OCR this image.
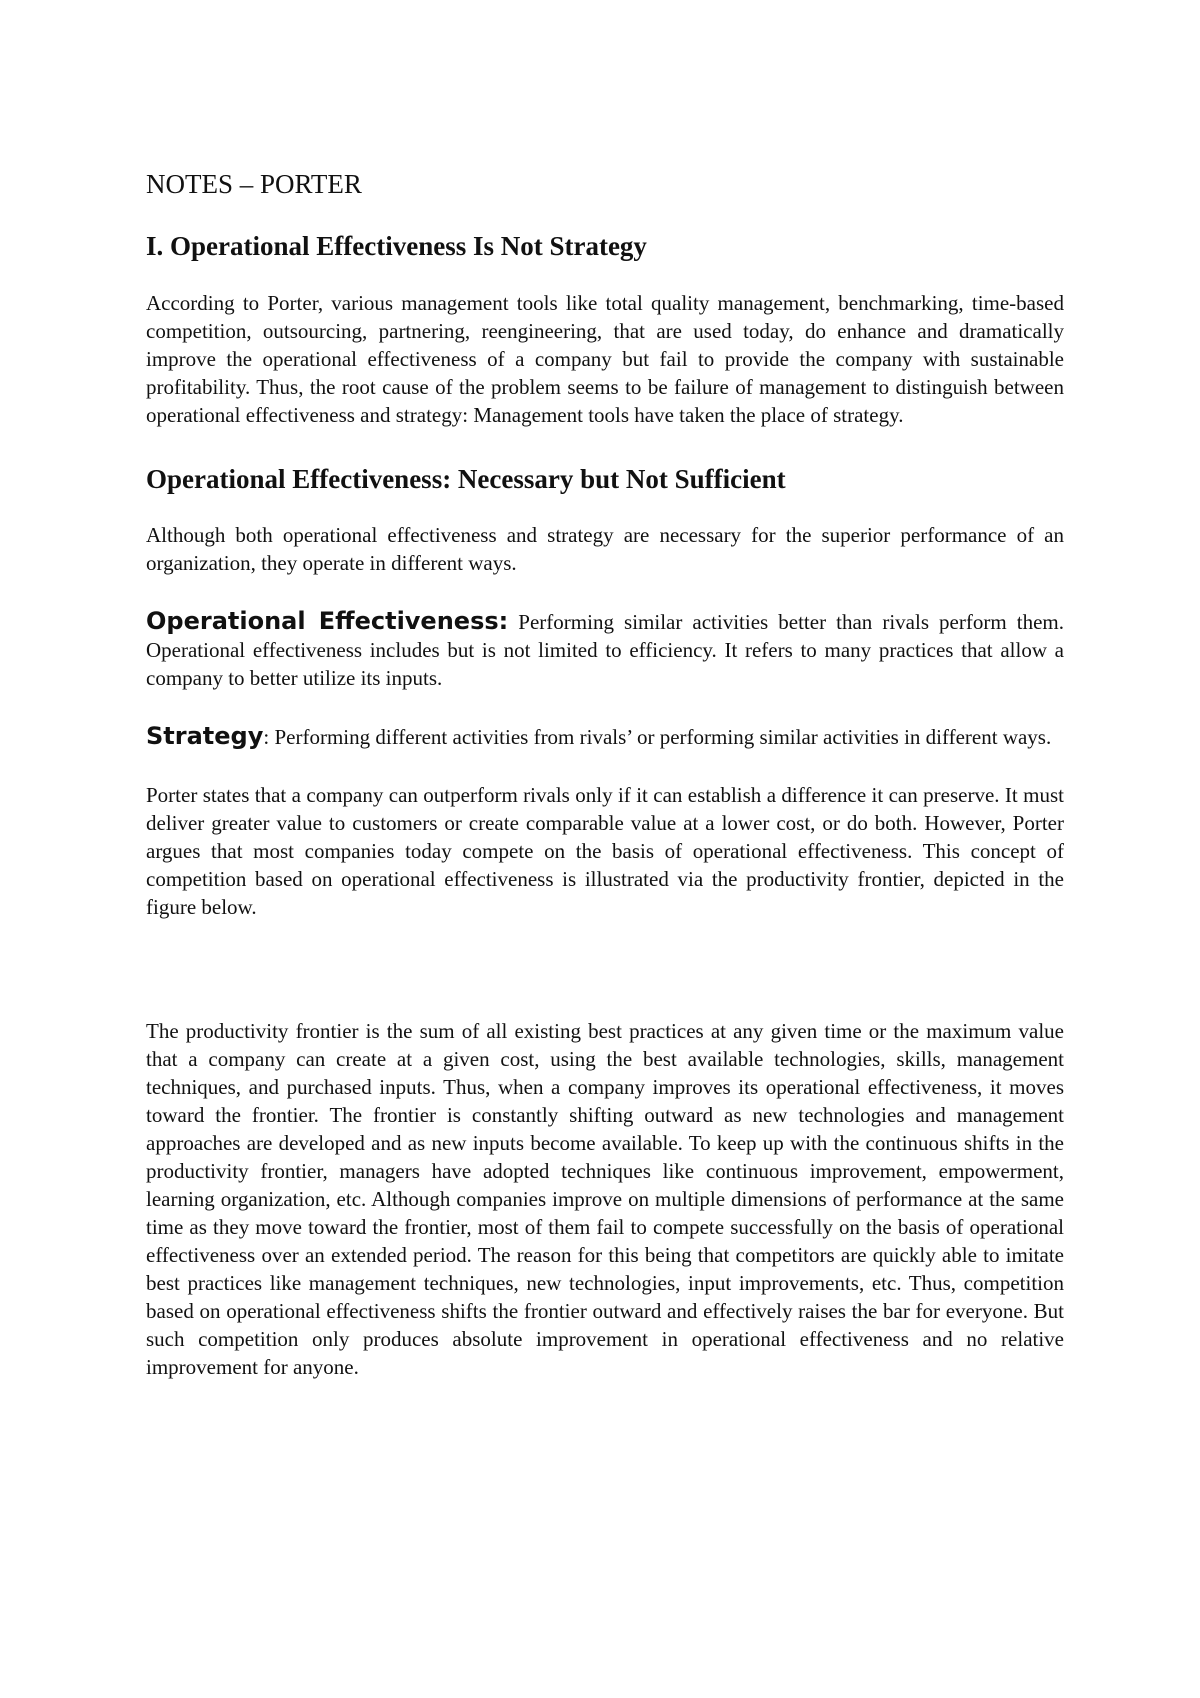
NOTES – PORTER
I. Operational Effectiveness Is Not Strategy

According to Porter, various management tools like total quality management, benchmarking, time-based competition, outsourcing, partnering, reengineering, that are used today, do enhance and dramatically improve the operational effectiveness of a company but fail to provide the company with sustainable profitability. Thus, the root cause of the problem seems to be failure of management to distinguish between operational effectiveness and strategy: Management tools have taken the place of strategy.

Operational Effectiveness: Necessary but Not Sufficient

Although both operational effectiveness and strategy are necessary for the superior performance of an organization, they operate in different ways.

Operational Effectiveness: Performing similar activities better than rivals perform them. Operational effectiveness includes but is not limited to efficiency. It refers to many practices that allow a company to better utilize its inputs.
Strategy: Performing different activities from rivals’ or performing similar activities in different ways.

Porter states that a company can outperform rivals only if it can establish a difference it can preserve. It must deliver greater value to customers or create comparable value at a lower cost, or do both. However, Porter argues that most companies today compete on the basis of operational effectiveness. This concept of competition based on operational effectiveness is illustrated via the productivity frontier, depicted in the figure below.

The productivity frontier is the sum of all existing best practices at any given time or the maximum value that a company can create at a given cost, using the best available technologies, skills, management techniques, and purchased inputs. Thus, when a company improves its operational effectiveness, it moves toward the frontier. The frontier is constantly shifting outward as new technologies and management approaches are developed and as new inputs become available. To keep up with the continuous shifts in the productivity frontier, managers have adopted techniques like continuous improvement, empowerment, learning organization, etc. Although companies improve on multiple dimensions of performance at the same time as they move toward the frontier, most of them fail to compete successfully on the basis of operational effectiveness over an extended period. The reason for this being that competitors are quickly able to imitate best practices like management techniques, new technologies, input improvements, etc. Thus, competition based on operational effectiveness shifts the frontier outward and effectively raises the bar for everyone. But such competition only produces absolute improvement in operational effectiveness and no relative improvement for anyone.
